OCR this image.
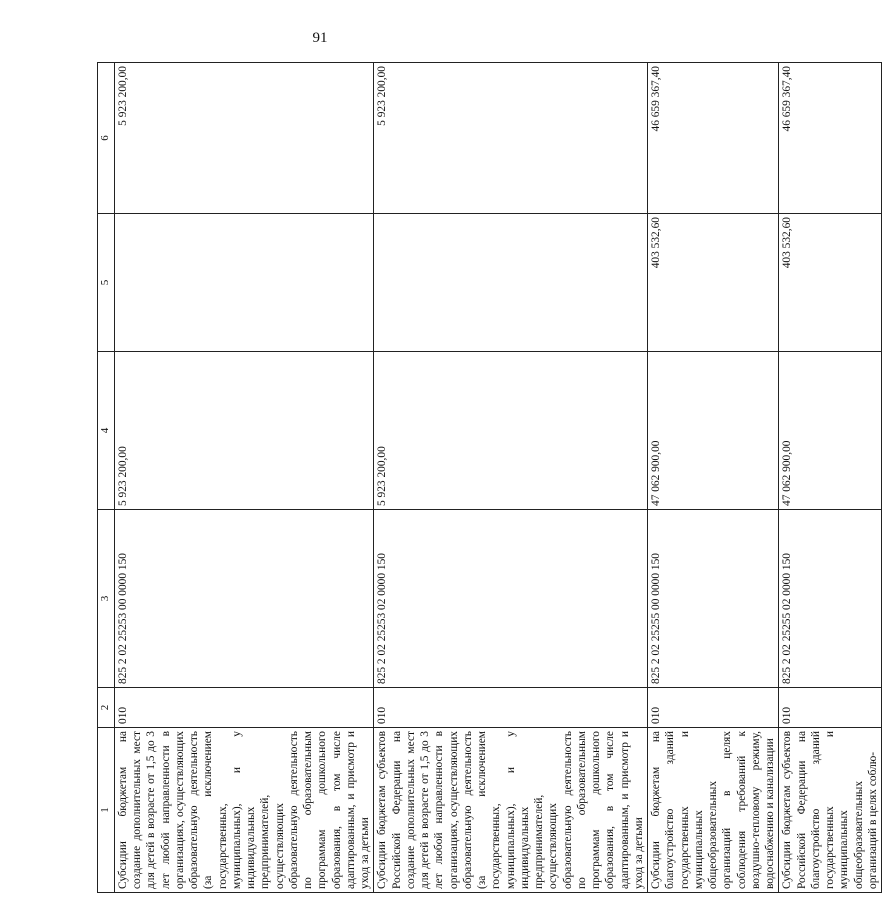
91
1	2	3	4	5	6
Субсидии бюджетам на создание дополнительных мест для детей в возрасте от 1,5 до 3 лет любой направленности в организациях, осуществляющих образовательную деятельность (за исключением государственных, муниципальных), и у индивидуальных предпринимателей, осуществляющих образовательную деятельность по образовательным программам дошкольного образования, в том числе адаптированным, и присмотр и уход за детьми	010	825 2 02 25253 00 0000 150	5 923 200,00		5 923 200,00
Субсидии бюджетам субъектов Российской Федерации на создание дополнительных мест для детей в возрасте от 1,5 до 3 лет любой направленности в организациях, осуществляющих образовательную деятельность (за исключением государственных, муниципальных), и у индивидуальных предпринимателей, осуществляющих образовательную деятельность по образовательным программам дошкольного образования, в том числе адаптированным, и присмотр и уход за детьми	010	825 2 02 25253 02 0000 150	5 923 200,00		5 923 200,00
Субсидии бюджетам на благоустройство зданий государственных и муниципальных общеобразовательных организаций в целях соблюдения требований к воздушно-тепловому режиму, водоснабжению и канализации	010	825 2 02 25255 00 0000 150	47 062 900,00	403 532,60	46 659 367,40
Субсидии бюджетам субъектов Российской Федерации на благоустройство зданий государственных и муниципальных общеобразовательных организаций в целях соблю-	010	825 2 02 25255 02 0000 150	47 062 900,00	403 532,60	46 659 367,40
